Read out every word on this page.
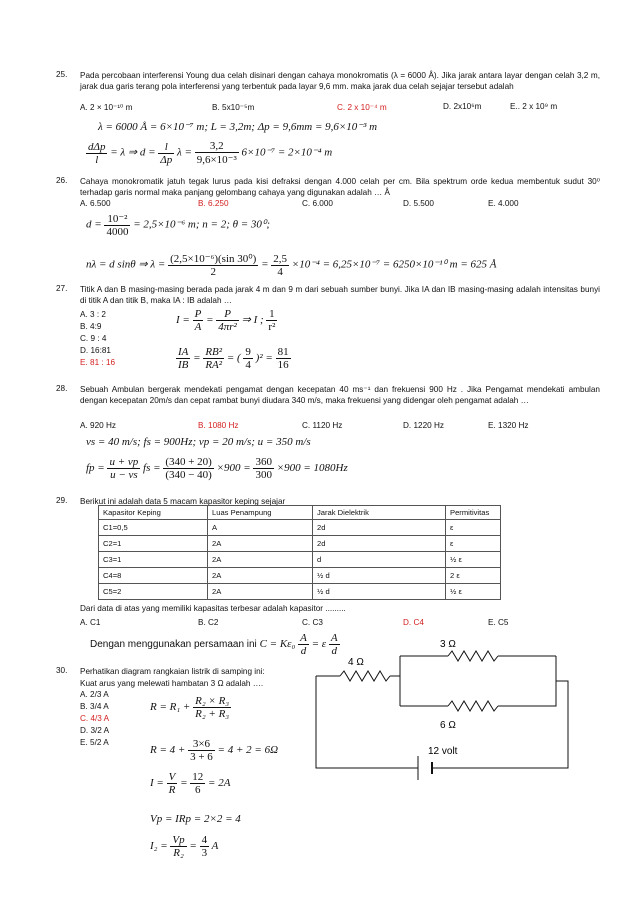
25. Pada percobaan interferensi Young dua celah disinari dengan cahaya monokromatis (λ = 6000 Å). Jika jarak antara layar dengan celah 3,2 m, jarak dua garis terang pola interferensi yang terbentuk pada layar 9,6 mm. maka jarak dua celah sejajar tersebut adalah
A. 2 × 10⁻¹⁰ m	B. 5x10⁻⁵m	C. 2 x 10⁻⁴ m	D. 2x10⁶m	E.. 2 x 10⁹ m
λ = 6000 Å = 6×10⁻⁷ m; L = 3,2m; Δp = 9,6mm = 9,6×10⁻³ m
$\frac{\text{dΔp}}{l} = \lambda$ ⇒ $d = \frac{l}{\Delta p}$ $\lambda = \frac{3,2}{\text{9,6×10⁻³}} 6\times 10^{-7} = 2\times 10^{-4}$ m
26. Cahaya monokromatik jatuh tegak lurus pada kisi defraksi dengan 4.000 celah per cm. Bila spektrum orde kedua membentuk sudut 30⁰ terhadap garis normal maka panjang gelombang cahaya yang digunakan adalah … Å
A. 6.500	B. 6.250	C. 6.000	D. 5.500	E. 4.000
$d = \frac{\text{10⁻²}}{4000} = 2,5\times 10^{-6}$ m; n = 2; θ = 30⁰;
nλ = d sinθ ⇒ $\lambda = \frac{\text{(2,5×10⁻⁶)(sin 30⁰)}}{2} = \frac{2,5}{4} \times 10^{-4} = 6,25\times 10^{-7} = 6250\times 10^{-10}$ m = 625 Å
27. Titik A dan B masing-masing berada pada jarak 4 m dan 9 m dari sebuah sumber bunyi. Jika IA dan IB masing-masing adalah intensitas bunyi di titik A dan titik B, maka IA : IB adalah …
A. 3 : 2
B. 4:9
C. 9 : 4
D. 16:81
E. 81 : 16
$I = \frac{P}{A} = \frac{P}{\text{4πr²}}$ ⇒ I ; $\frac{1}{\text{r²}}$
$\frac{IA}{IB} = \frac{\text{RB²}}{\text{RA²}}$ = ( $\frac{9}{4} )^2 = \frac{81}{16}$
28. Sebuah Ambulan bergerak mendekati pengamat dengan kecepatan 40 ms⁻¹ dan frekuensi 900 Hz . Jika Pengamat mendekati ambulan dengan kecepatan 20m/s dan cepat rambat bunyi diudara 340 m/s, maka frekuensi yang didengar oleh pengamat adalah …
A. 920 Hz	B. 1080 Hz	C. 1120 Hz	D. 1220 Hz	E. 1320 Hz
vs = 40 m/s; fs = 900Hz; vp = 20 m/s; u = 350 m/s
fp = $\frac{u + vp}{u - vs}$ fs = $\frac{(340 + 20)}{(340 - 40)} \times 900 = \frac{360}{300} \times 900 = 1080Hz$
29. Berikut ini adalah data 5 macam kapasitor keping sejajar
Kapasitor Keping	Luas Penampung	Jarak Dielektrik	Permitivitas
C1=0,5	A	2d	ε
C2=1	2A	2d	ε
C3=1	2A	d	½ ε
C4=8	2A	½ d	2 ε
C5=2	2A	½ d	½ ε
Dari data di atas yang memiliki kapasitas terbesar adalah kapasitor .........
A. C1	B. C2	C. C3	D. C4	E. C5
Dengan menggunakan persamaan ini $C = K\varepsilon_0 \frac{A}{d} = \varepsilon \frac{A}{d}$
30. Perhatikan diagram rangkaian listrik di samping ini:
Kuat arus yang melewati hambatan 3 Ω adalah ….
A. 2/3 A
B. 3/4 A
C. 4/3 A
D. 3/2 A
E. 5/2 A
$R = R_1 + \frac{\text{R₂ × R₃}}{\text{R₂ + R₃}}$
$R = 4 + \frac{3\times 6}{3 + 6} = 4 + 2 = 6\Omega$
$I = \frac{V}{R} = \frac{12}{6} = 2A$
Vp = IRp = 2×2 = 4
$I_2 = \frac{Vp}{\text{R₂}} = \frac{4}{3}$ A
4 Ω
3 Ω
6 Ω
12 volt
